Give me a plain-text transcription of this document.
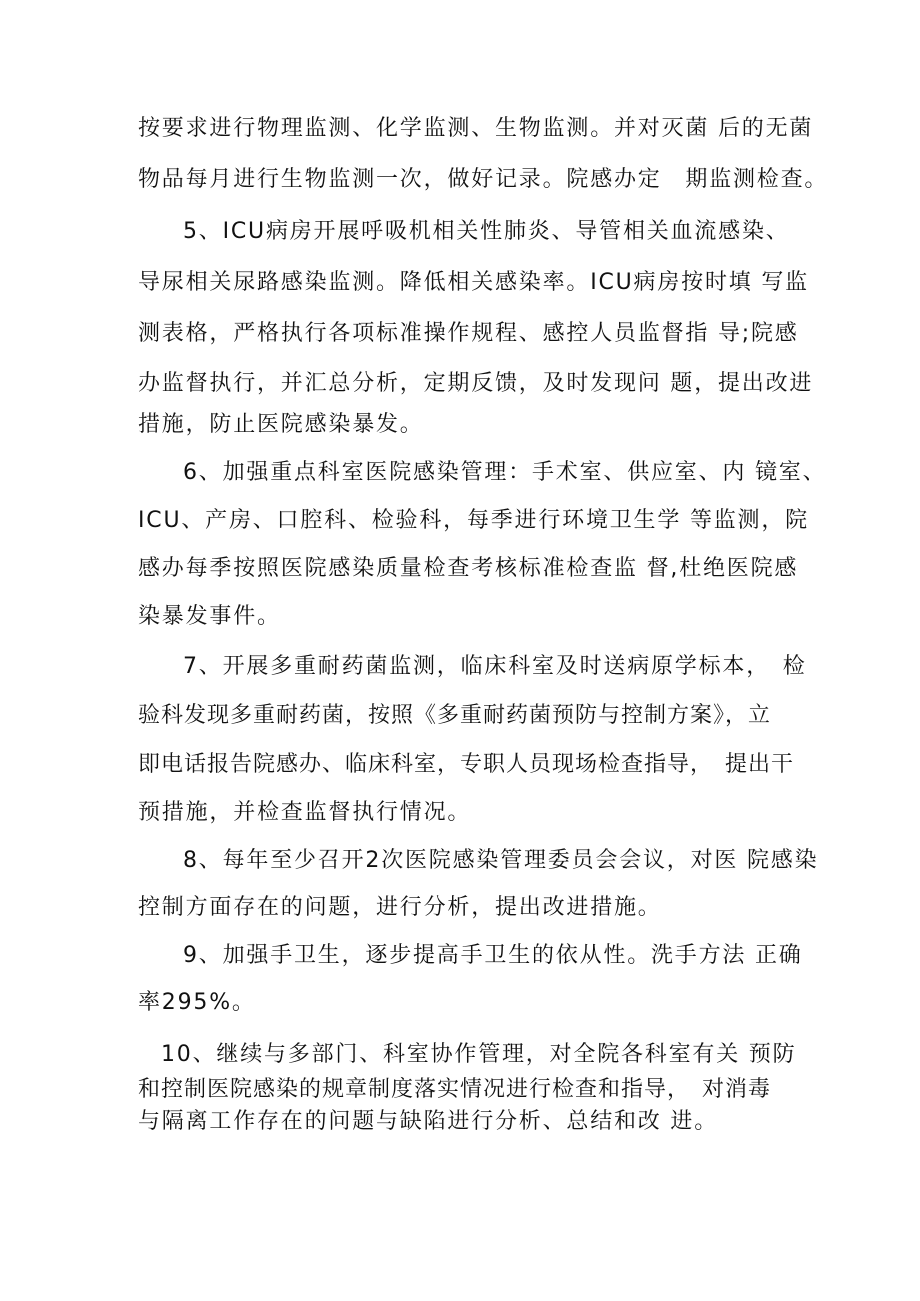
按要求进行物理监测、化学监测、生物监测。并对灭菌 后的无菌
物品每月进行生物监测一次，做好记录。院感办定　期监测检查。
5、ICU病房开展呼吸机相关性肺炎、导管相关血流感染、
导尿相关尿路感染监测。降低相关感染率。ICU病房按时填 写监
测表格，严格执行各项标准操作规程、感控人员监督指 导;院感
办监督执行，并汇总分析，定期反馈，及时发现问 题，提出改进
措施，防止医院感染暴发。
6、加强重点科室医院感染管理：手术室、供应室、内 镜室、
ICU、产房、口腔科、检验科，每季进行环境卫生学 等监测，院
感办每季按照医院感染质量检查考核标准检查监 督,杜绝医院感
染暴发事件。
7、开展多重耐药菌监测，临床科室及时送病原学标本，　检
验科发现多重耐药菌，按照《多重耐药菌预防与控制方案》，立
即电话报告院感办、临床科室，专职人员现场检查指导，　提出干
预措施，并检查监督执行情况。
8、每年至少召开2次医院感染管理委员会会议，对医 院感染
控制方面存在的问题，进行分析，提出改进措施。
9、加强手卫生，逐步提高手卫生的依从性。洗手方法 正确
率295%。
10、继续与多部门、科室协作管理，对全院各科室有关 预防
和控制医院感染的规章制度落实情况进行检查和指导，　对消毒
与隔离工作存在的问题与缺陷进行分析、总结和改 进。
